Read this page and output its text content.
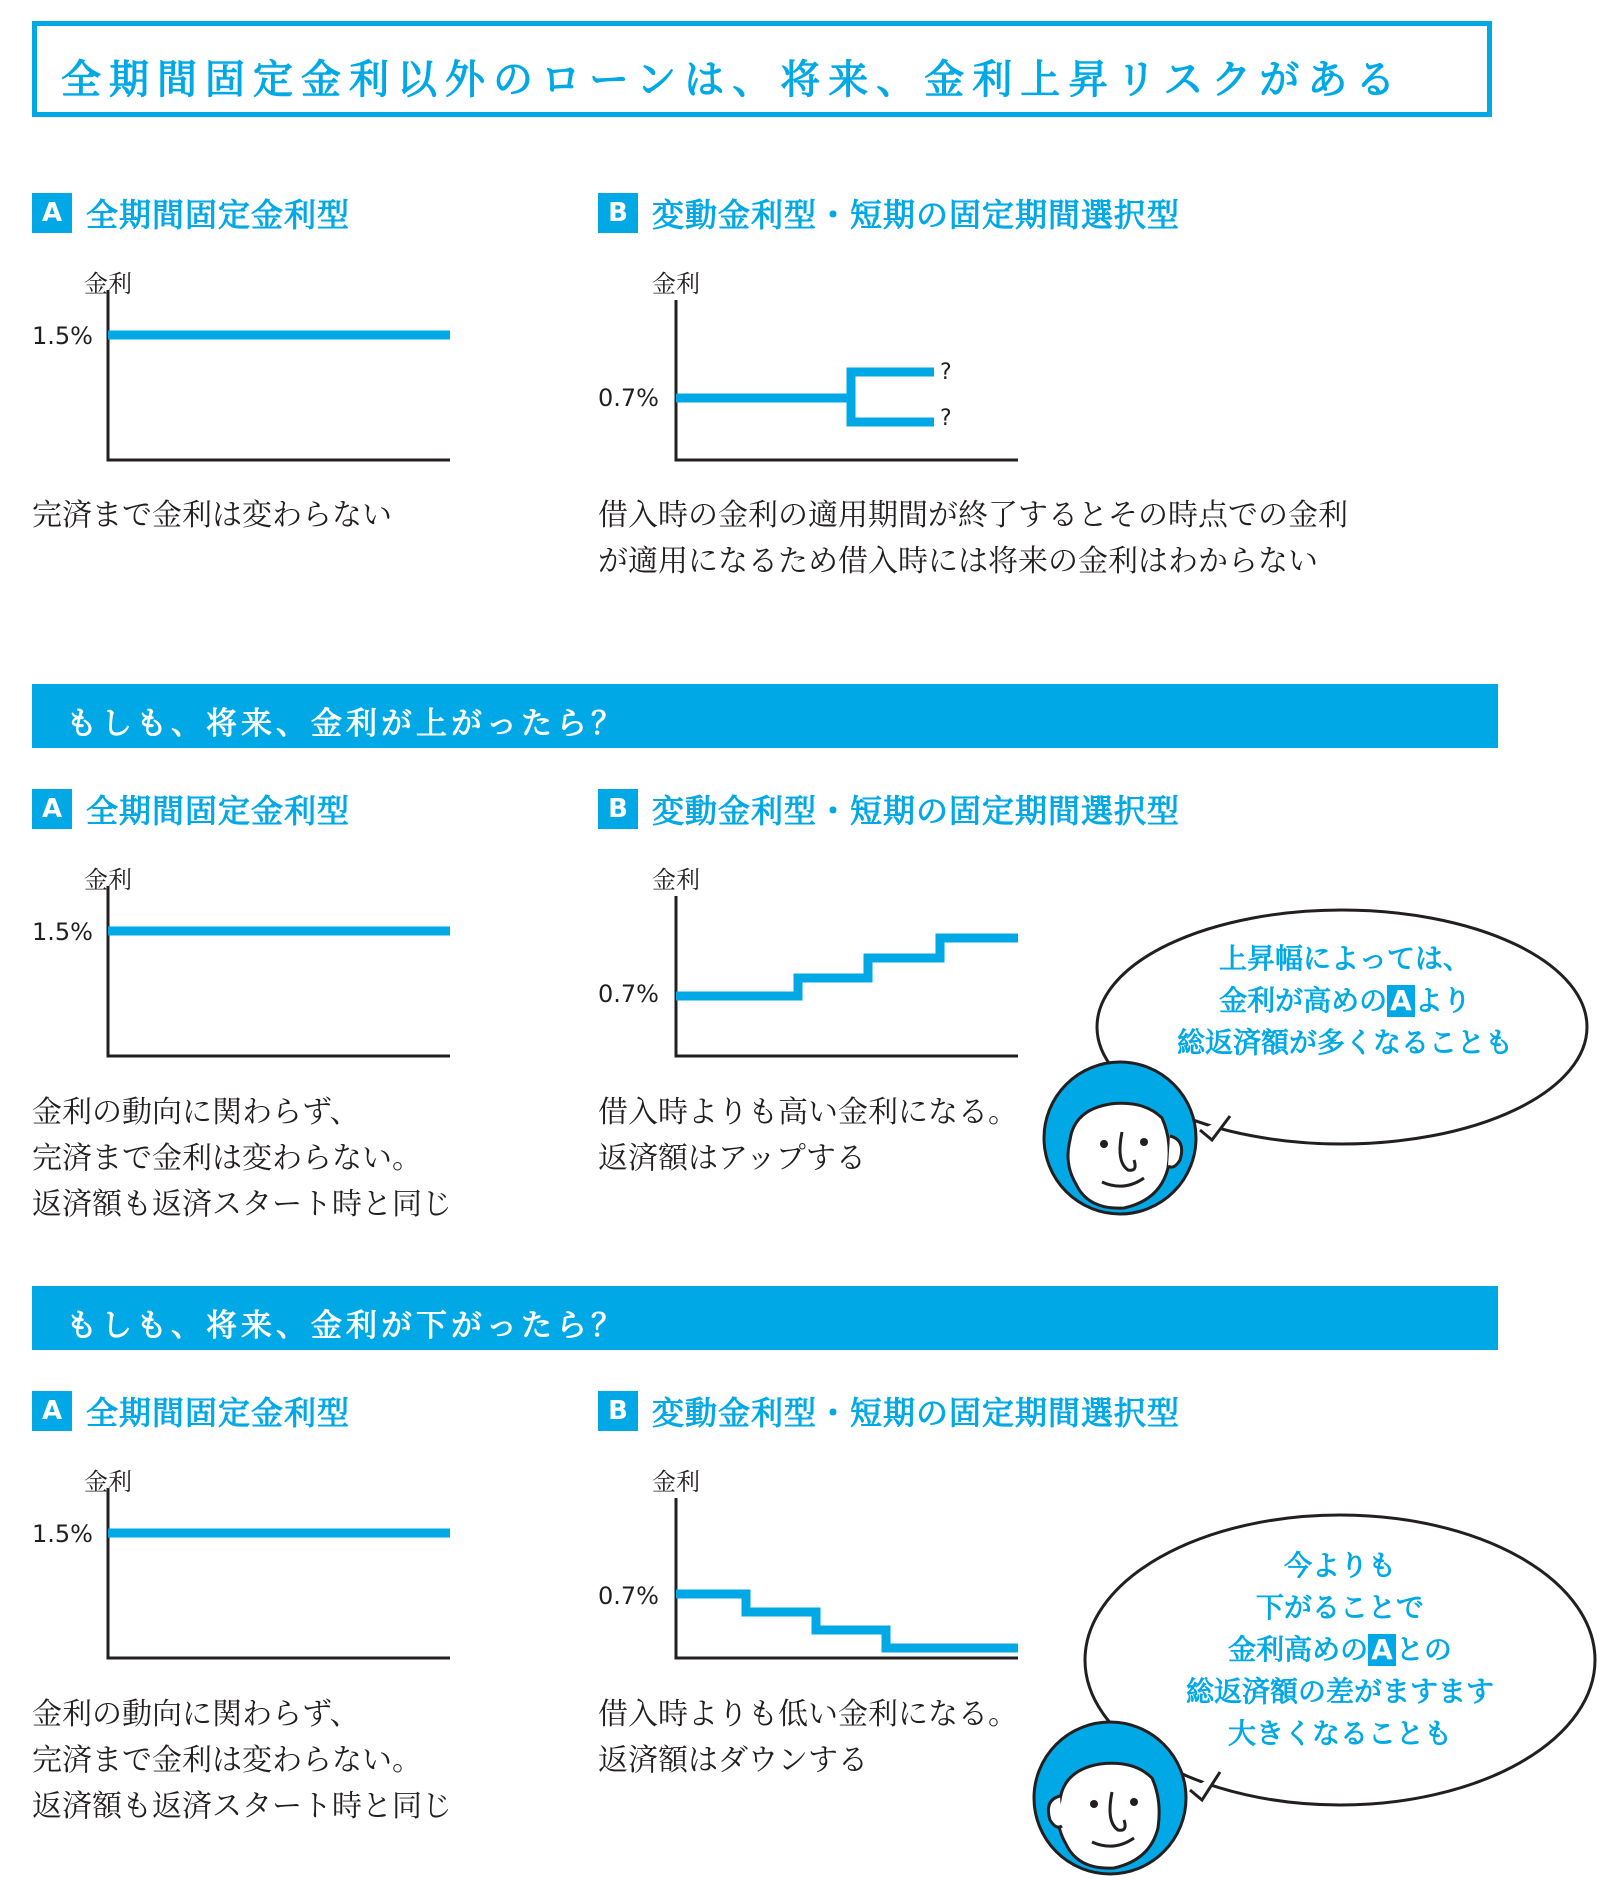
全期間固定金利以外のローンは、将来、金利上昇リスクがある
A 全期間固定金利型	B 変動金利型・短期の固定期間選択型
金利
1.5%
完済まで金利は変わらない
金利
0.7%
?
?
借入時の金利の適用期間が終了するとその時点での金利
が適用になるため借入時には将来の金利はわからない
もしも、将来、金利が上がったら？
A 全期間固定金利型	B 変動金利型・短期の固定期間選択型
金利
1.5%
金利の動向に関わらず、
完済まで金利は変わらない。
返済額も返済スタート時と同じ
金利
0.7%
借入時よりも高い金利になる。
返済額はアップする
上昇幅によっては、
金利が高めの A より
総返済額が多くなることも
もしも、将来、金利が下がったら？
A 全期間固定金利型	B 変動金利型・短期の固定期間選択型
金利
1.5%
金利の動向に関わらず、
完済まで金利は変わらない。
返済額も返済スタート時と同じ
金利
0.7%
借入時よりも低い金利になる。
返済額はダウンする
今よりも
下がることで
金利高めの A との
総返済額の差がますます
大きくなることも
